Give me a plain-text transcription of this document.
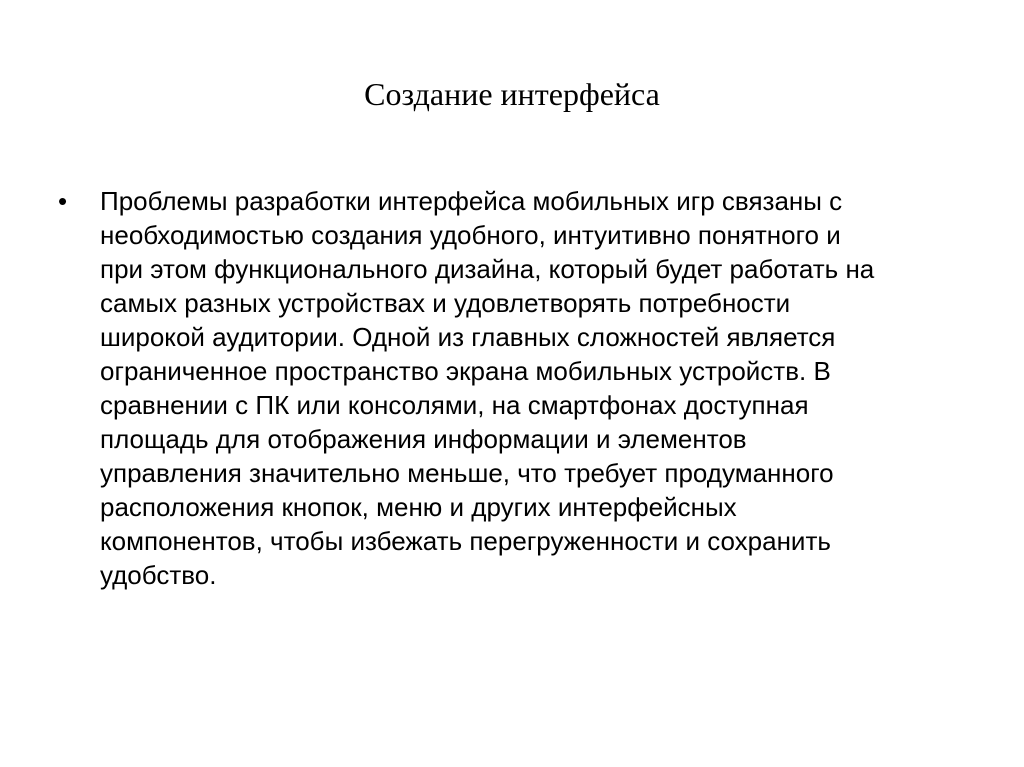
Создание интерфейса
•	Проблемы разработки интерфейса мобильных игр связаны с
необходимостью создания удобного, интуитивно понятного и
при этом функционального дизайна, который будет работать на
самых разных устройствах и удовлетворять потребности
широкой аудитории. Одной из главных сложностей является
ограниченное пространство экрана мобильных устройств. В
сравнении с ПК или консолями, на смартфонах доступная
площадь для отображения информации и элементов
управления значительно меньше, что требует продуманного
расположения кнопок, меню и других интерфейсных
компонентов, чтобы избежать перегруженности и сохранить
удобство.
